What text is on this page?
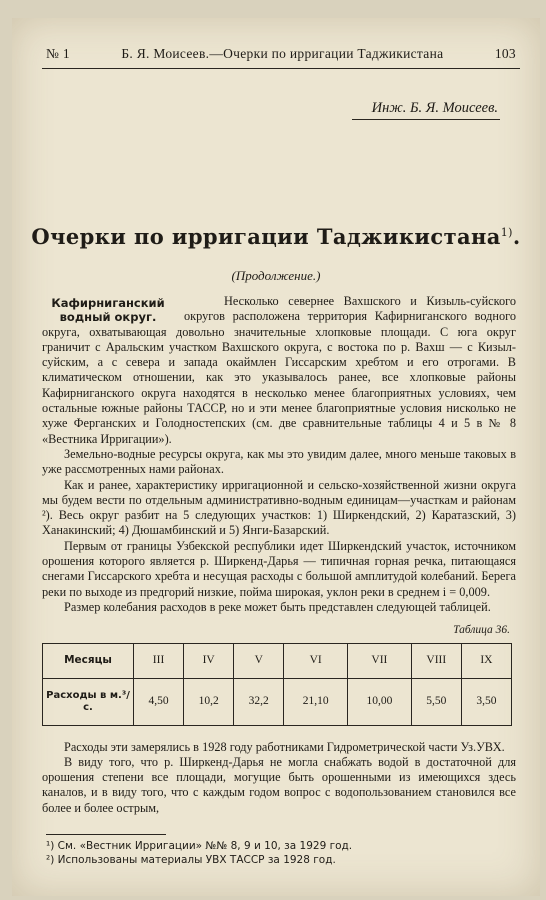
№ 1	Б. Я. Моисеев.—Очерки по ирригации Таджикистана	103
Инж. Б. Я. Моисеев.
Очерки по ирригации Таджикистана$^{1)}$.
(Продолжение.)
Кафирниганский водный округ.

Несколько севернее Вахшского и Кизыль-суйского округов расположена территория Кафирниганского водного округа, охватывающая довольно значительные хлопковые площади. С юга округ граничит с Аральским участком Вахшского округа, с востока по р. Вахш — с Кизыл-суйским, а с севера и запада окаймлен Гиссарским хребтом и его отрогами. В климатическом отношении, как это указывалось ранее, все хлопковые районы Кафирниганского округа находятся в несколько менее благоприятных условиях, чем остальные южные районы ТАССР, но и эти менее благоприятные условия нисколько не хуже Ферганских и Голодностепских (см. две сравнительные таблицы 4 и 5 в № 8 «Вестника Ирригации»).

Земельно-водные ресурсы округа, как мы это увидим далее, много меньше таковых в уже рассмотренных нами районах.

Как и ранее, характеристику ирригационной и сельско-хозяйственной жизни округа мы будем вести по отдельным административно-водным единицам—участкам и районам ²). Весь округ разбит на 5 следующих участков: 1) Ширкендский, 2) Каратазский, 3) Ханакинский; 4) Дюшамбинский и 5) Янги-Базарский.

Первым от границы Узбекской республики идет Ширкендский участок, источником орошения которого является р. Ширкенд-Дарья — типичная горная речка, питающаяся снегами Гиссарского хребта и несущая расходы с большой амплитудой колебаний. Берега реки по выходе из предгорий низкие, пойма широкая, уклон реки в среднем i = 0,009.

Размер колебания расходов в реке может быть представлен следующей таблицей.

Таблица 36.
Месяцы	III	IV	V	VI	VII	VIII	IX
Расходы в м.³/с.	4,50	10,2	32,2	21,10	10,00	5,50	3,50

Расходы эти замерялись в 1928 году работниками Гидрометрической части Уз.УВХ.

В виду того, что р. Ширкенд-Дарья не могла снабжать водой в достаточной для орошения степени все площади, могущие быть орошенными из имеющихся здесь каналов, и в виду того, что с каждым годом вопрос с водопользованием становился все более и более острым,

¹) См. «Вестник Ирригации» №№ 8, 9 и 10, за 1929 год.
²) Использованы материалы УВХ ТАССР за 1928 год.
